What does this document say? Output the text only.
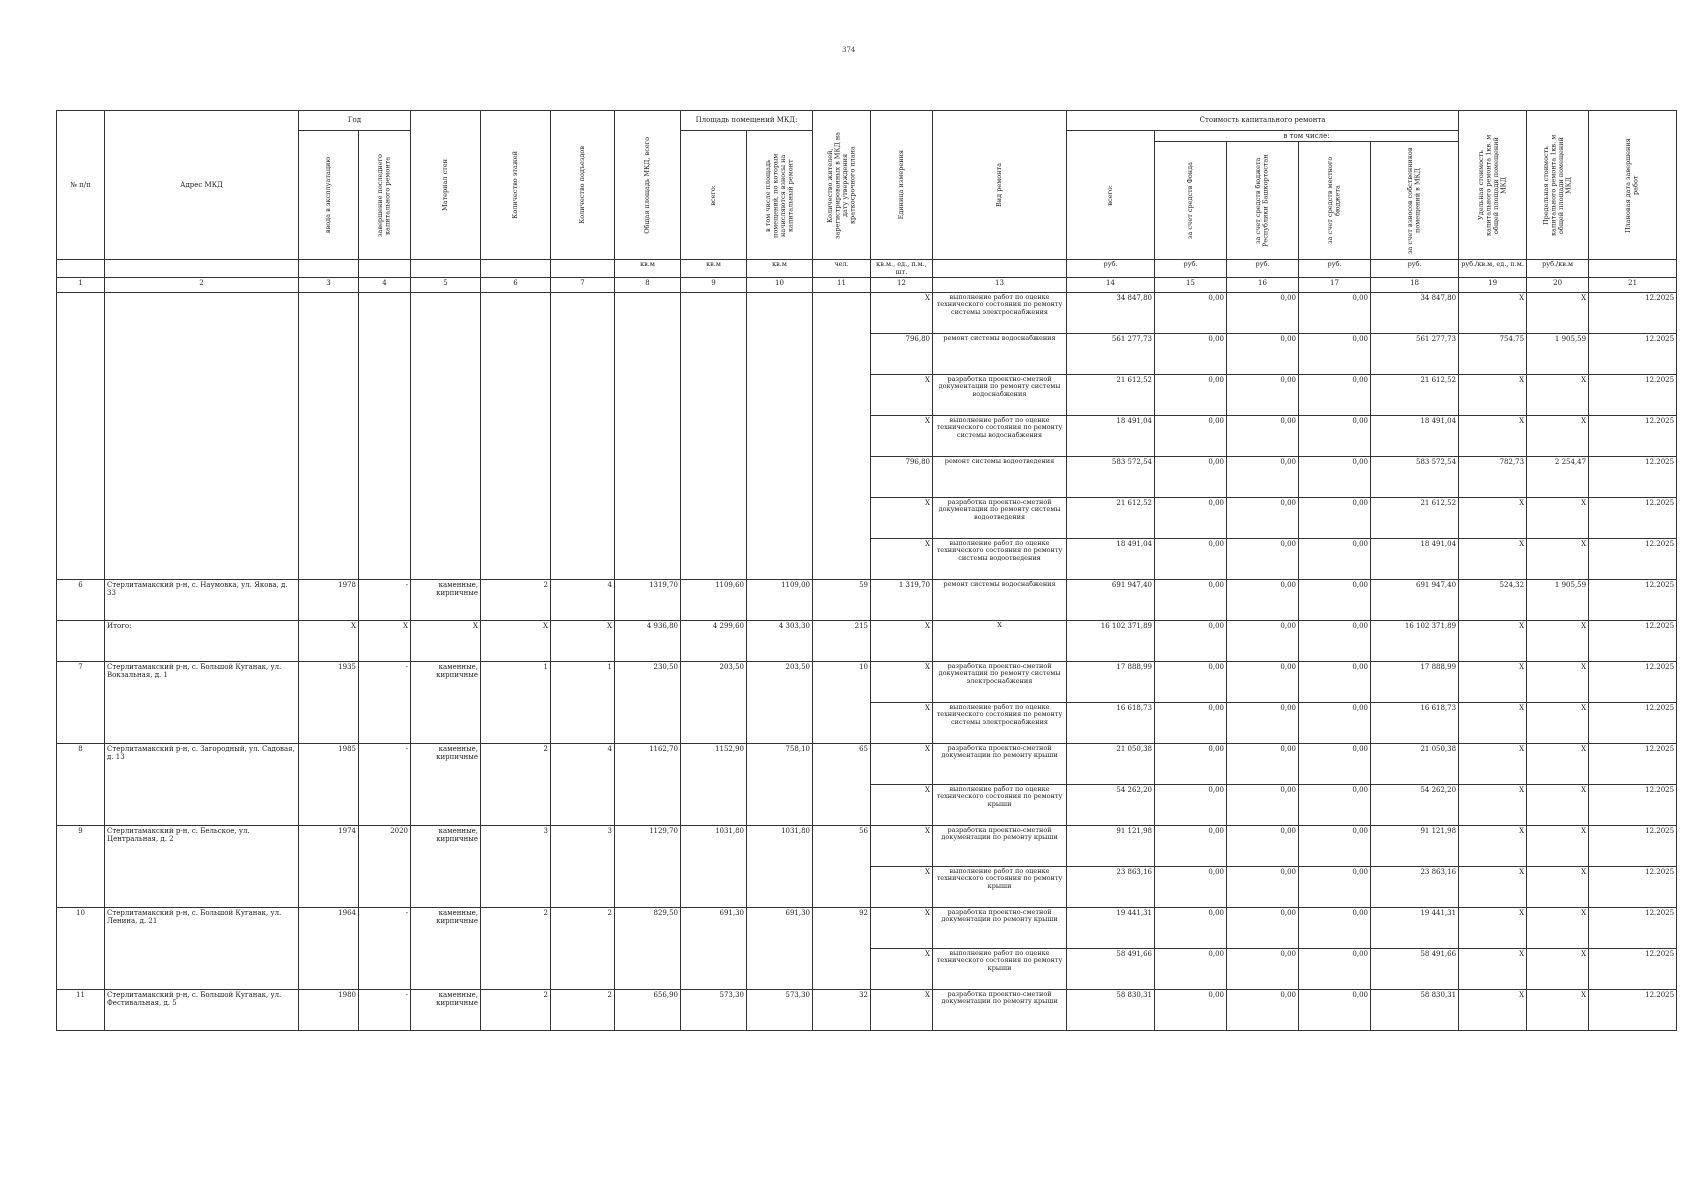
374
№ п/п	Адрес МКД	Год		Материал стен	Количество этажей	Количество подъездов	Общая площадь МКД, всего	Площадь помещений МКД:		Количество жителей, зарегистрированных в МКД на дату утверждения краткосрочного плана	Единица измерения	Вид ремонта	Стоимость капитального ремонта					Удельная стоимость капитального ремонта 1кв. м общей площади помещений МКД	Предельная стоимость капитального ремонта 1кв. м общей площади помещений МКД	Плановая дата завершения работ

		ввода в эксплуатацию	завершение последнего капитального ремонта					всего:	в том числе площадь помещений, по которым начисляются взносы на капитальный ремонт				всего:	в том числе:						

														за счет средств Фонда	за счет средств бюджета Республики Башкортостан	за счет средств местного бюджета	за счет взносов собственников помещений в МКД			

							кв.м	кв.м	кв.м	чел.	кв.м., ед., п.м., шт.		руб.	руб.	руб.	руб.	руб.	руб./кв.м, ед., п.м.	руб./кв.м	
1	2	3	4	5	6	7	8	9	10	11	12	13	14	15	16	17	18	19	20	21
											X	выполнение работ по оценке технического состояния по ремонту системы электроснабжения	34 847,80	0,00	0,00	0,00	34 847,80	X	X	12.2025
											796,80	ремонт системы водоснабжения	561 277,73	0,00	0,00	0,00	561 277,73	754,75	1 905,59	12.2025
											X	разработка проектно-сметной документации по ремонту системы водоснабжения	21 612,52	0,00	0,00	0,00	21 612,52	X	X	12.2025
											X	выполнение работ по оценке технического состояния по ремонту системы водоснабжения	18 491,04	0,00	0,00	0,00	18 491,04	X	X	12.2025
											796,80	ремонт системы водоотведения	583 572,54	0,00	0,00	0,00	583 572,54	782,73	2 254,47	12.2025
											X	разработка проектно-сметной документации по ремонту системы водоотведения	21 612,52	0,00	0,00	0,00	21 612,52	X	X	12.2025
											X	выполнение работ по оценке технического состояния по ремонту системы водоотведения	18 491,04	0,00	0,00	0,00	18 491,04	X	X	12.2025
6	Стерлитамакский р-н, с. Наумовка, ул. Якова, д. 33	1978	-	каменные, кирпичные	2	4	1319,70	1109,60	1109,00	59	1 319,70	ремонт системы водоснабжения	691 947,40	0,00	0,00	0,00	691 947,40	524,32	1 905,59	12.2025
	Итого:	X	X	X	X	X	4 936,80	4 299,60	4 303,30	215	X	X	16 102 371,89	0,00	0,00	0,00	16 102 371,89	X	X	12.2025
7	Стерлитамакский р-н, с. Большой Куганак, ул. Вокзальная, д. 1	1935	-	каменные, кирпичные	1	1	230,50	203,50	203,50	10	X	разработка проектно-сметной документации по ремонту системы электроснабжения	17 888,99	0,00	0,00	0,00	17 888,99	X	X	12.2025
											X	выполнение работ по оценке технического состояния по ремонту системы электроснабжения	16 618,73	0,00	0,00	0,00	16 618,73	X	X	12.2025
8	Стерлитамакский р-н, с. Загородный, ул. Садовая, д. 13	1985	-	каменные, кирпичные	2	4	1162,70	1152,90	758,10	65	X	разработка проектно-сметной документации по ремонту крыши	21 050,38	0,00	0,00	0,00	21 050,38	X	X	12.2025
											X	выполнение работ по оценке технического состояния по ремонту крыши	54 262,20	0,00	0,00	0,00	54 262,20	X	X	12.2025
9	Стерлитамакский р-н, с. Бельское, ул. Центральная, д. 2	1974	2020	каменные, кирпичные	3	3	1129,70	1031,80	1031,80	56	X	разработка проектно-сметной документации по ремонту крыши	91 121,98	0,00	0,00	0,00	91 121,98	X	X	12.2025
											X	выполнение работ по оценке технического состояния по ремонту крыши	23 863,16	0,00	0,00	0,00	23 863,16	X	X	12.2025
10	Стерлитамакский р-н, с. Большой Куганак, ул. Ленина, д. 21	1964	-	каменные, кирпичные	2	2	829,50	691,30	691,30	92	X	разработка проектно-сметной документации по ремонту крыши	19 441,31	0,00	0,00	0,00	19 441,31	X	X	12.2025
											X	выполнение работ по оценке технического состояния по ремонту крыши	58 491,66	0,00	0,00	0,00	58 491,66	X	X	12.2025
11	Стерлитамакский р-н, с. Большой Куганак, ул. Фестивальная, д. 5	1980	-	каменные, кирпичные	2	2	656,90	573,30	573,30	32	X	разработка проектно-сметной документации по ремонту крыши	58 830,31	0,00	0,00	0,00	58 830,31	X	X	12.2025
